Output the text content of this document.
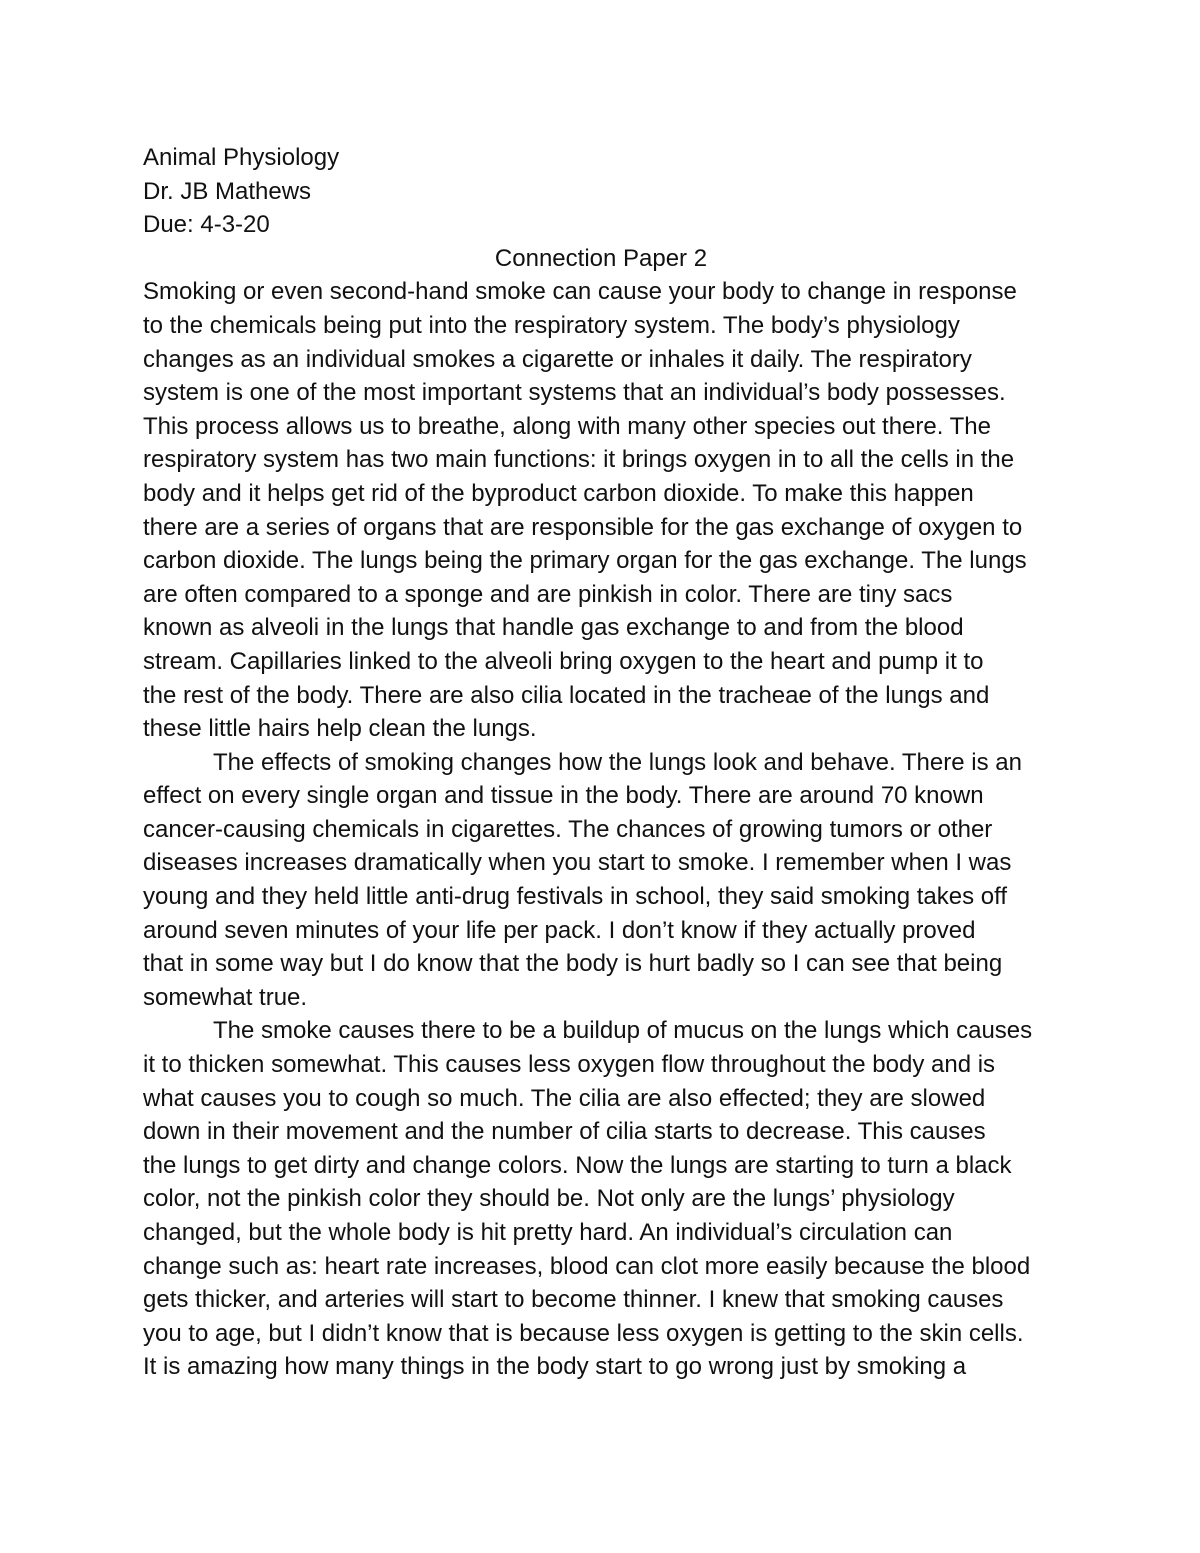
Animal Physiology
Dr. JB Mathews
Due: 4-3-20
Connection Paper 2
Smoking or even second-hand smoke can cause your body to change in response
to the chemicals being put into the respiratory system. The body’s physiology
changes as an individual smokes a cigarette or inhales it daily. The respiratory
system is one of the most important systems that an individual’s body possesses.
This process allows us to breathe, along with many other species out there. The
respiratory system has two main functions: it brings oxygen in to all the cells in the
body and it helps get rid of the byproduct carbon dioxide. To make this happen
there are a series of organs that are responsible for the gas exchange of oxygen to
carbon dioxide. The lungs being the primary organ for the gas exchange. The lungs
are often compared to a sponge and are pinkish in color. There are tiny sacs
known as alveoli in the lungs that handle gas exchange to and from the blood
stream. Capillaries linked to the alveoli bring oxygen to the heart and pump it to
the rest of the body. There are also cilia located in the tracheae of the lungs and
these little hairs help clean the lungs.
The effects of smoking changes how the lungs look and behave. There is an
effect on every single organ and tissue in the body. There are around 70 known
cancer-causing chemicals in cigarettes. The chances of growing tumors or other
diseases increases dramatically when you start to smoke. I remember when I was
young and they held little anti-drug festivals in school, they said smoking takes off
around seven minutes of your life per pack. I don’t know if they actually proved
that in some way but I do know that the body is hurt badly so I can see that being
somewhat true.
The smoke causes there to be a buildup of mucus on the lungs which causes
it to thicken somewhat. This causes less oxygen flow throughout the body and is
what causes you to cough so much. The cilia are also effected; they are slowed
down in their movement and the number of cilia starts to decrease. This causes
the lungs to get dirty and change colors. Now the lungs are starting to turn a black
color, not the pinkish color they should be. Not only are the lungs’ physiology
changed, but the whole body is hit pretty hard. An individual’s circulation can
change such as: heart rate increases, blood can clot more easily because the blood
gets thicker, and arteries will start to become thinner. I knew that smoking causes
you to age, but I didn’t know that is because less oxygen is getting to the skin cells.
It is amazing how many things in the body start to go wrong just by smoking a
